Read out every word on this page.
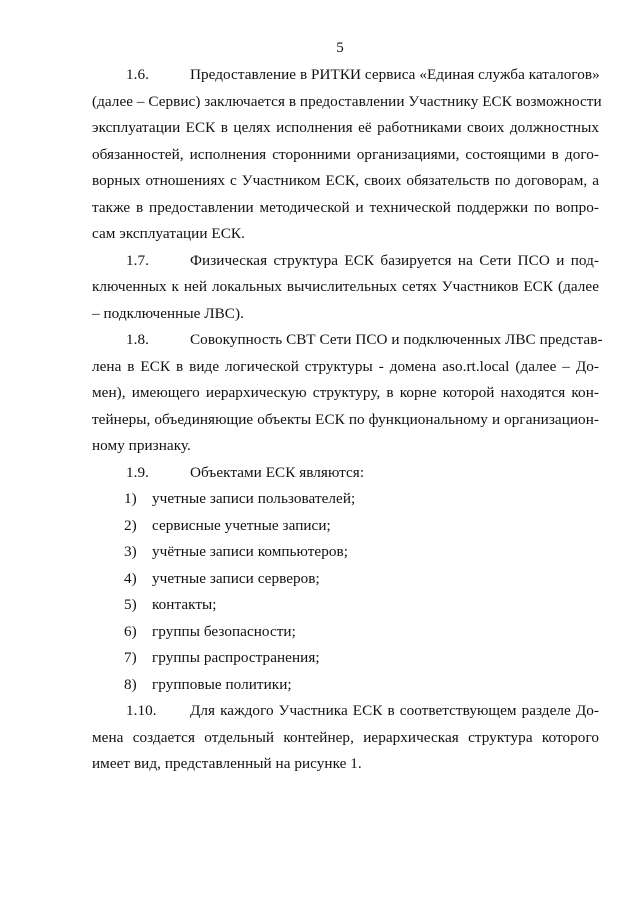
5
1.6.	Предоставление в РИТКИ сервиса «Единая служба каталогов»
(далее – Сервис) заключается в предоставлении Участнику ЕСК возможности
эксплуатации ЕСК в целях исполнения её работниками своих должностных
обязанностей, исполнения сторонними организациями, состоящими в дого-
ворных отношениях с Участником ЕСК, своих обязательств по договорам, а
также в предоставлении методической и технической поддержки по вопро-
сам эксплуатации ЕСК.
1.7.	Физическая структура ЕСК базируется на Сети ПСО и под-
ключенных к ней локальных вычислительных сетях Участников ЕСК (далее
– подключенные ЛВС).
1.8.	Совокупность СВТ Сети ПСО и подключенных ЛВС представ-
лена в ЕСК в виде логической структуры - домена aso.rt.local (далее – До-
мен), имеющего иерархическую структуру, в корне которой находятся кон-
тейнеры, объединяющие объекты ЕСК по функциональному и организацион-
ному признаку.
1.9.	Объектами ЕСК являются:
1) учетные записи пользователей;
2) сервисные учетные записи;
3) учётные записи компьютеров;
4) учетные записи серверов;
5) контакты;
6) группы безопасности;
7) группы распространения;
8) групповые политики;
1.10. Для каждого Участника ЕСК в соответствующем разделе До-
мена создается отдельный контейнер, иерархическая структура которого
имеет вид, представленный на рисунке 1.
